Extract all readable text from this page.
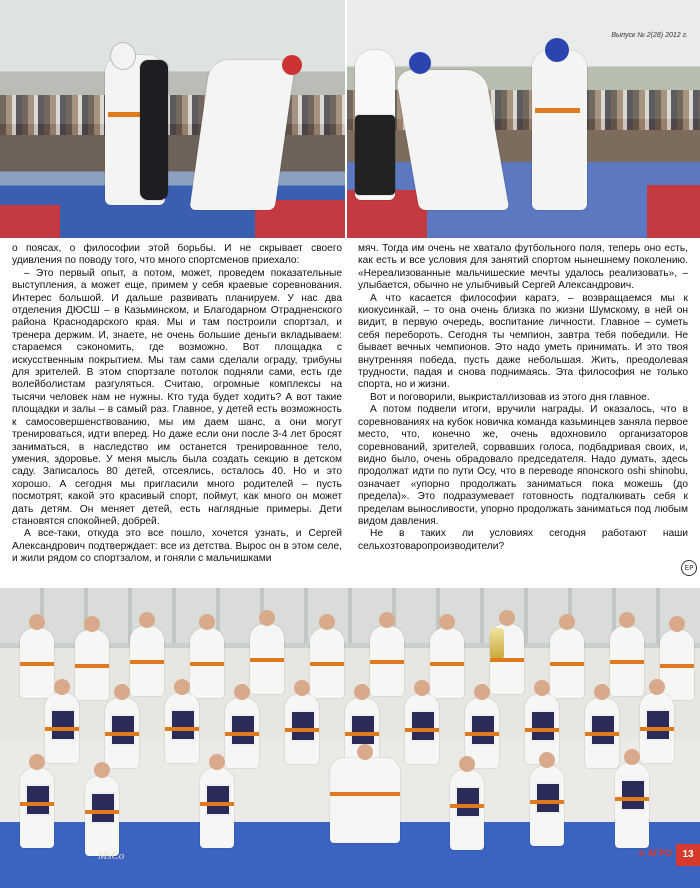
Выпуск № 2(28) 2012 г.

о поясах, о философии этой борьбы. И не скрывает своего удивления по поводу того, что много спортсменов приехало:

– Это первый опыт, а потом, может, проведем показательные выступления, а может еще, примем у себя краевые соревнования. Интерес большой. И дальше развивать планируем. У нас два отделения ДЮСШ – в Казьминском, и Благодарном Отрадненского района Краснодарского края. Мы и там построили спортзал, и тренера держим. И, знаете, не очень большие деньги вкладываем: стараемся сэкономить, где возможно. Вот площадка с искусственным покрытием. Мы там сами сделали ограду, трибуны для зрителей. В этом спортзале потолок подняли сами, есть где волейболистам разгуляться. Считаю, огромные комплексы на тысячи человек нам не нужны. Кто туда будет ходить? А вот такие площадки и залы – в самый раз. Главное, у детей есть возможность к самосовершенствованию, мы им даем шанс, а они могут тренироваться, идти вперед. Но даже если они после 3-4 лет бросят заниматься, в наследство им останется тренированное тело, умения, здоровье. У меня мысль была создать секцию в детском саду. Записалось 80 детей, отсеялись, осталось 40. Но и это хорошо. А сегодня мы пригласили много родителей – пусть посмотрят, какой это красивый спорт, поймут, как много он может дать детям. Он меняет детей, есть наглядные примеры. Дети становятся спокойней, добрей.

А все-таки, откуда это все пошло, хочется узнать, и Сергей Александрович подтверждает: все из детства. Вырос он в этом селе, и жили рядом со спортзалом, и гоняли с мальчишками

мяч. Тогда им очень не хватало футбольного поля, теперь оно есть, как есть и все условия для занятий спортом нынешнему поколению. «Нереализованные мальчишеские мечты удалось реализовать», – улыбается, обычно не улыбчивый Сергей Александрович.

А что касается философии каратэ, – возвращаемся мы к киокусинкай, – то она очень близка по жизни Шумскому, в ней он видит, в первую очередь, воспитание личности. Главное – суметь себя перебороть. Сегодня ты чемпион, завтра тебя победили. Не бывает вечных чемпионов. Это надо уметь принимать. И это твоя внутренняя победа, пусть даже небольшая. Жить, преодолевая трудности, падая и снова поднимаясь. Эта философия не только спорта, но и жизни.

Вот и поговорили, выкристаллизовав из этого дня главное.

А потом подвели итоги, вручили награды. И оказалось, что в соревнованиях на кубок новичка команда казьминцев заняла первое место, что, конечно же, очень вдохновило организаторов соревнований, зрителей, сорвавших голоса, подбадривая своих, и, видно было, очень обрадовало председателя. Надо думать, здесь продолжат идти по пути Осу, что в переводе японского oshi shinobu, означает «упорно продолжать заниматься пока можешь (до предела)». Это подразумевает готовность подталкивать себя к пределам выносливости, упорно продолжать заниматься под любым видом давления.

Не в таких ли условиях сегодня работают наши сельхозтоваропроизводители?

EP
MsCo	© АГРО	13
